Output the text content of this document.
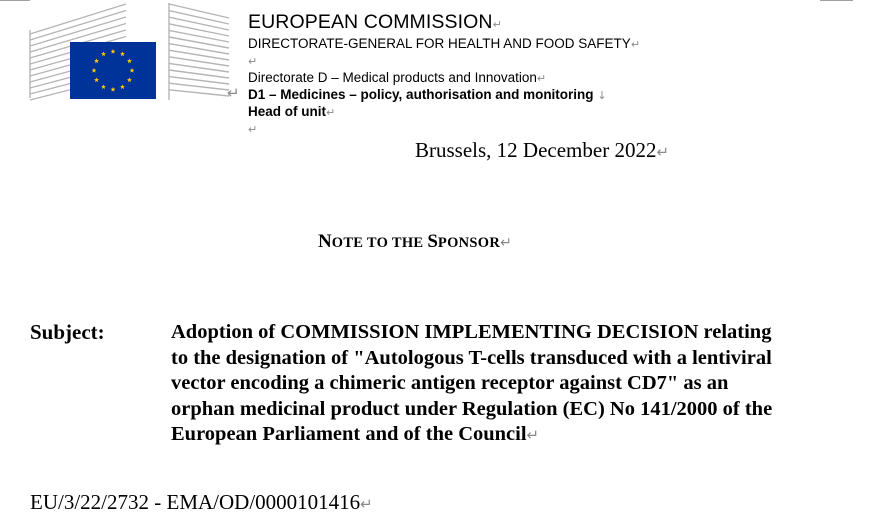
EUROPEAN COMMISSION↵
DIRECTORATE-GENERAL FOR HEALTH AND FOOD SAFETY↵
↵
Directorate D – Medical products and Innovation↵
D1 – Medicines – policy, authorisation and monitoring ↓
Head of unit↵
↵
↵
Brussels, 12 December 2022↵
NOTE TO THE SPONSOR↵
Subject:	Adoption of COMMISSION IMPLEMENTING DECISION relating
to the designation of "Autologous T-cells transduced with a lentiviral
vector encoding a chimeric antigen receptor against CD7" as an
orphan medicinal product under Regulation (EC) No 141/2000 of the
European Parliament and of the Council↵
EU/3/22/2732 - EMA/OD/0000101416↵
